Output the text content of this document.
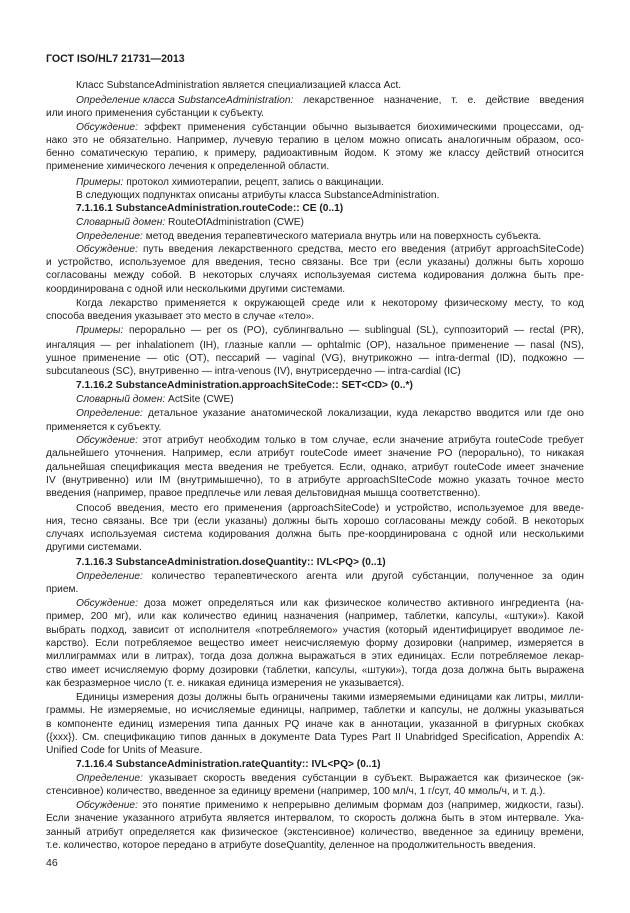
ГОСТ ISO/HL7 21731—2013
Класс SubstanceAdministration является специализацией класса Act.
Определение класса SubstanceAdministration: лекарственное назначение, т. е. действие введения
или иного применения субстанции к субъекту.
Обсуждение: эффект применения субстанции обычно вызывается биохимическими процессами, од-
нако это не обязательно. Например, лучевую терапию в целом можно описать аналогичным образом, осо-
бенно соматическую терапию, к примеру, радиоактивным йодом. К этому же классу действий относится
применение химического лечения к определенной области.
Примеры: протокол химиотерапии, рецепт, запись о вакцинации.
В следующих подпунктах описаны атрибуты класса SubstanceAdministration.
7.1.16.1 SubstanceAdministration.routeCode:: CE (0..1)
Словарный домен: RouteOfAdministration (CWE)
Определение: метод введения терапевтического материала внутрь или на поверхность субъекта.
Обсуждение: путь введения лекарственного средства, место его введения (атрибут approachSiteCode)
и устройство, используемое для введения, тесно связаны. Все три (если указаны) должны быть хорошо
согласованы между собой. В некоторых случаях используемая система кодирования должна быть пре-
координирована с одной или несколькими другими системами.
Когда лекарство применяется к окружающей среде или к некоторому физическому месту, то код
способа введения указывает это место в случае «тело».
Примеры: перорально — per os (PO), сублингвально — sublingual (SL), суппозиторий — rectal (PR),
ингаляция — per inhalationem (IH), глазные капли — ophtalmic (OP), назальное применение — nasal (NS),
ушное применение — otic (OT), пессарий — vaginal (VG), внутрикожно — intra-dermal (ID), подкожно —
subcutaneous (SC), внутривенно — intra-venous (IV), внутрисердечно — intra-cardial (IC)
7.1.16.2 SubstanceAdministration.approachSiteCode:: SET<CD> (0..*)
Словарный домен: ActSite (CWE)
Определение: детальное указание анатомической локализации, куда лекарство вводится или где оно
применяется к субъекту.
Обсуждение: этот атрибут необходим только в том случае, если значение атрибута routeCode требует
дальнейшего уточнения. Например, если атрибут routeCode имеет значение PO (перорально), то никакая
дальнейшая спецификация места введения не требуется. Если, однако, атрибут routeCode имеет значение
IV (внутривенно) или IM (внутримышечно), то в атрибуте approachSIteCode можно указать точное место
введения (например, правое предплечье или левая дельтовидная мышца соответственно).
Способ введения, место его применения (approachSiteCode) и устройство, используемое для введе-
ния, тесно связаны. Все три (если указаны) должны быть хорошо согласованы между собой. В некоторых
случаях используемая система кодирования должна быть пре-координирована с одной или несколькими
другими системами.
7.1.16.3 SubstanceAdministration.doseQuantity:: IVL<PQ> (0..1)
Определение: количество терапевтического агента или другой субстанции, полученное за один
прием.
Обсуждение: доза может определяться или как физическое количество активного ингредиента (на-
пример, 200 мг), или как количество единиц назначения (например, таблетки, капсулы, «штуки»). Какой
выбрать подход, зависит от исполнителя «потребляемого» участия (который идентифицирует вводимое ле-
карство). Если потребляемое вещество имеет неисчисляемую форму дозировки (например, измеряется в
миллиграммах или в литрах), тогда доза должна выражаться в этих единицах. Если потребляемое лекар-
ство имеет исчисляемую форму дозировки (таблетки, капсулы, «штуки»), тогда доза должна быть выражена
как безразмерное число (т. е. никакая единица измерения не указывается).
Единицы измерения дозы должны быть ограничены такими измеряемыми единицами как литры, милли-
граммы. Не измеряемые, но исчисляемые единицы, например, таблетки и капсулы, не должны указываться
в компоненте единиц измерения типа данных PQ иначе как в аннотации, указанной в фигурных скобках
({xxx}). См. спецификацию типов данных в документе Data Types Part II Unabridged Specification, Appendix A:
Unified Code for Units of Measure.
7.1.16.4 SubstanceAdministration.rateQuantity:: IVL<PQ> (0..1)
Определение: указывает скорость введения субстанции в субъект. Выражается как физическое (эк-
стенсивное) количество, введенное за единицу времени (например, 100 мл/ч, 1 г/сут, 40 ммоль/ч, и т. д.).
Обсуждение: это понятие применимо к непрерывно делимым формам доз (например, жидкости, газы).
Если значение указанного атрибута является интервалом, то скорость должна быть в этом интервале. Ука-
занный атрибут определяется как физическое (экстенсивное) количество, введенное за единицу времени,
т.е. количество, которое передано в атрибуте doseQuantity, деленное на продолжительность введения.
46
